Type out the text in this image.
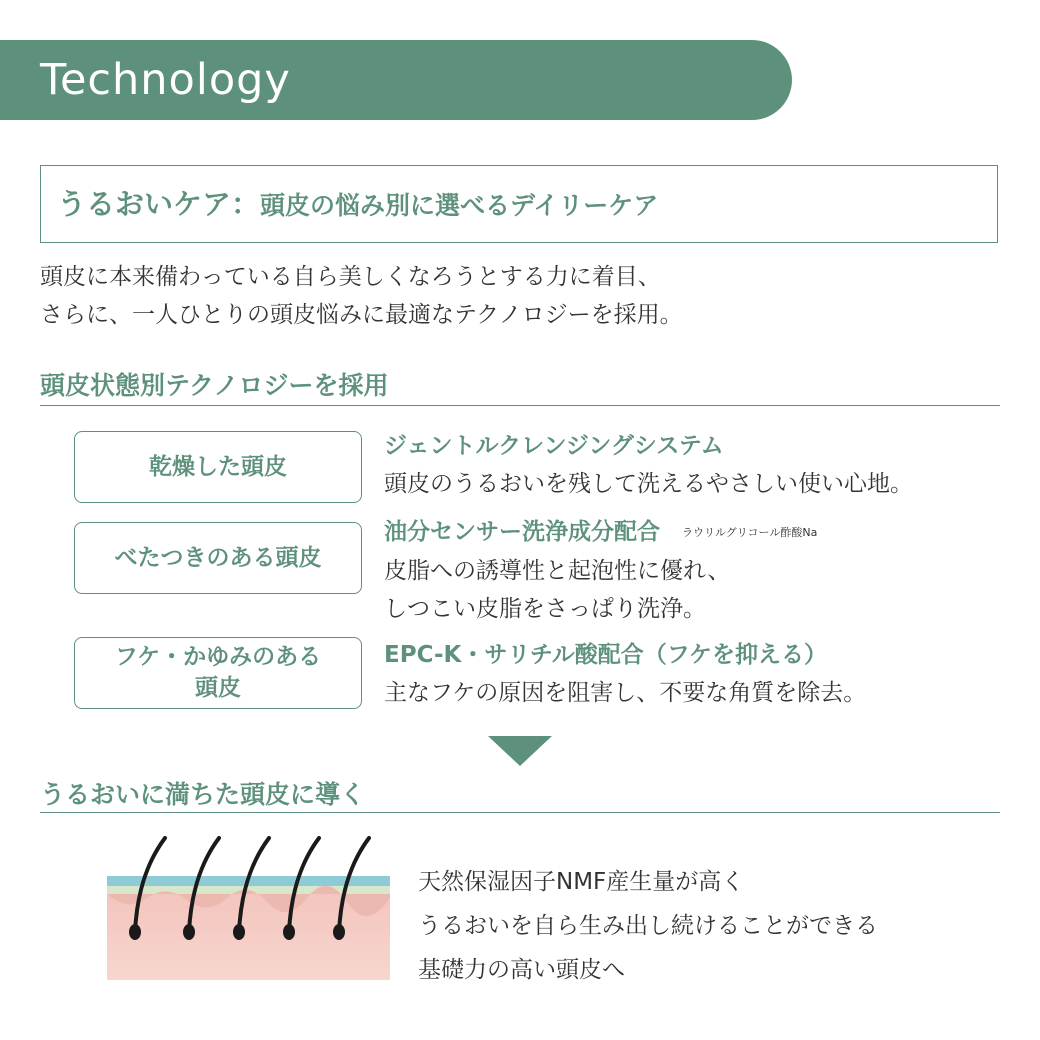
Technology
うるおいケア：頭皮の悩み別に選べるデイリーケア
頭皮に本来備わっている自ら美しくなろうとする力に着目、
さらに、一人ひとりの頭皮悩みに最適なテクノロジーを採用。
頭皮状態別テクノロジーを採用
乾燥した頭皮
ジェントルクレンジングシステム
頭皮のうるおいを残して洗えるやさしい使い心地。
べたつきのある頭皮
油分センサー洗浄成分配合 ラウリルグリコール酢酸Na
皮脂への誘導性と起泡性に優れ、
しつこい皮脂をさっぱり洗浄。
フケ・かゆみのある
頭皮
EPC-K・サリチル酸配合（フケを抑える）
主なフケの原因を阻害し、不要な角質を除去。
うるおいに満ちた頭皮に導く
天然保湿因子NMF産生量が高く
うるおいを自ら生み出し続けることができる
基礎力の高い頭皮へ
